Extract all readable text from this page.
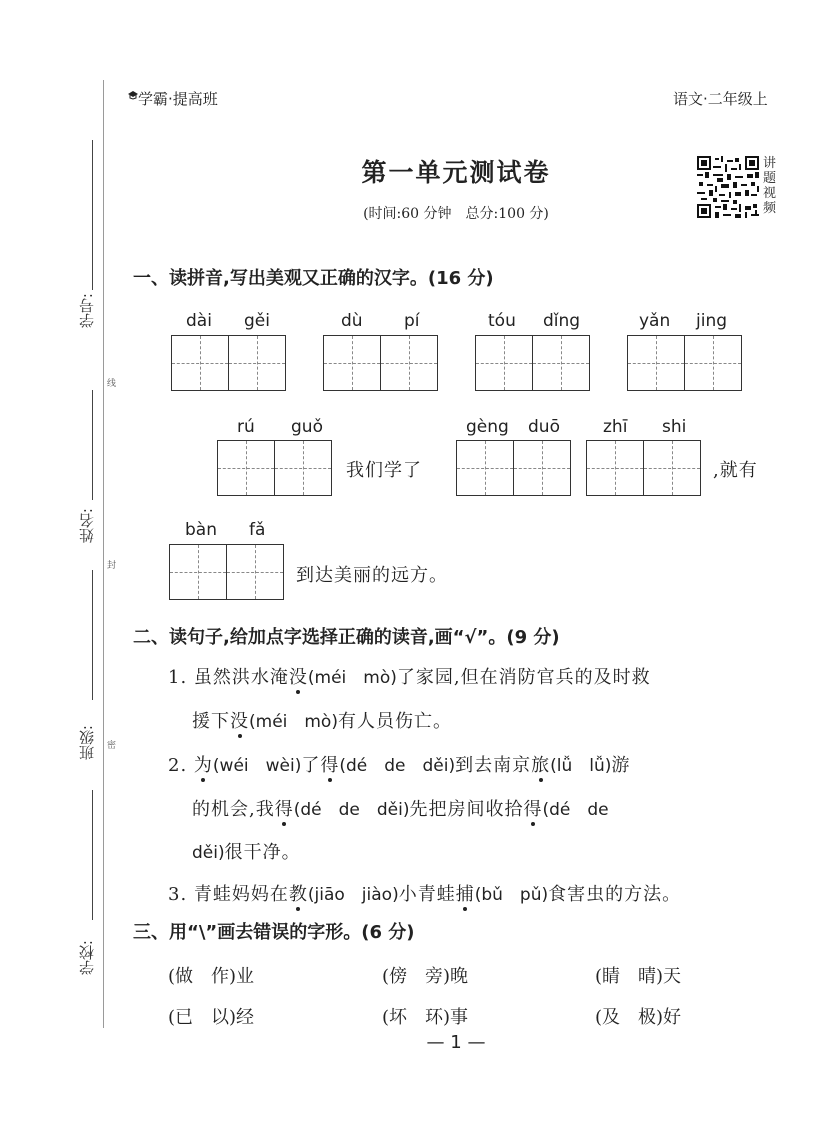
学号:
姓名:
班级:
学校:
线
封
密
学霸·提高班	语文·二年级上
第一单元测试卷
(时间:60 分钟　总分:100 分)
讲题视频
一、读拼音,写出美观又正确的汉字。(16 分)
dài gěi	dù pí	tóu dǐng	yǎn jing
rú guǒ
我们学了
gèng duō	zhī shi
,就有
bàn fǎ
到达美丽的远方。
二、读句子,给加点字选择正确的读音,画“√”。(9 分)
1. 虽然洪水淹没(méi　mò)了家园,但在消防官兵的及时救
援下没(méi　mò)有人员伤亡。
2. 为(wéi　wèi)了得(dé　de　děi)到去南京旅(lǚ　lǚ)游
的机会,我得(dé　de　děi)先把房间收拾得(dé　de
děi)很干净。
3. 青蛙妈妈在教(jiāo　jiào)小青蛙捕(bǔ　pǔ)食害虫的方法。
三、用“\”画去错误的字形。(6 分)
(做　作)业	(傍　旁)晚	(睛　晴)天
(已　以)经	(坏　环)事	(及　极)好
— 1 —
